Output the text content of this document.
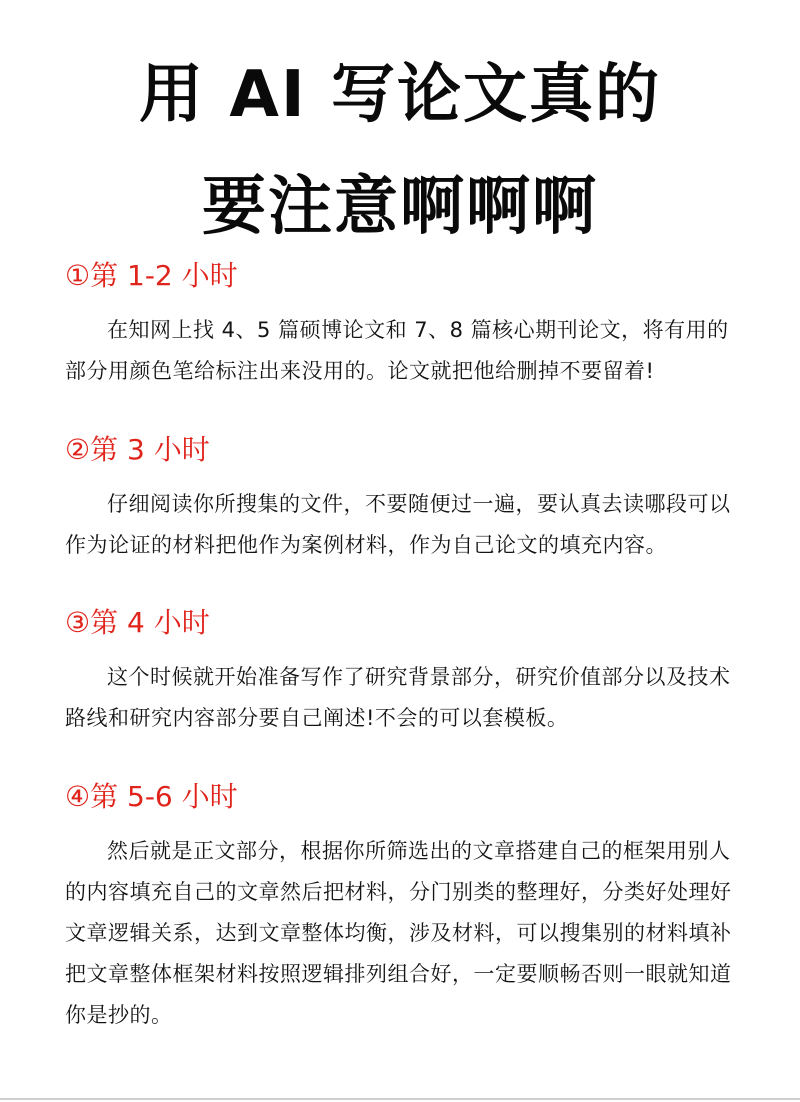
用 AI 写论文真的
要注意啊啊啊
①第 1-2 小时
在知网上找 4、5 篇硕博论文和 7、8 篇核心期刊论文，将有用的部分用颜色笔给标注出来没用的。论文就把他给删掉不要留着!
②第 3 小时
仔细阅读你所搜集的文件，不要随便过一遍，要认真去读哪段可以作为论证的材料把他作为案例材料，作为自己论文的填充内容。
③第 4 小时
这个时候就开始准备写作了研究背景部分，研究价值部分以及技术路线和研究内容部分要自己阐述!不会的可以套模板。
④第 5-6 小时
然后就是正文部分，根据你所筛选出的文章搭建自己的框架用别人的内容填充自己的文章然后把材料，分门别类的整理好，分类好处理好文章逻辑关系，达到文章整体均衡，涉及材料，可以搜集别的材料填补把文章整体框架材料按照逻辑排列组合好，一定要顺畅否则一眼就知道你是抄的。
